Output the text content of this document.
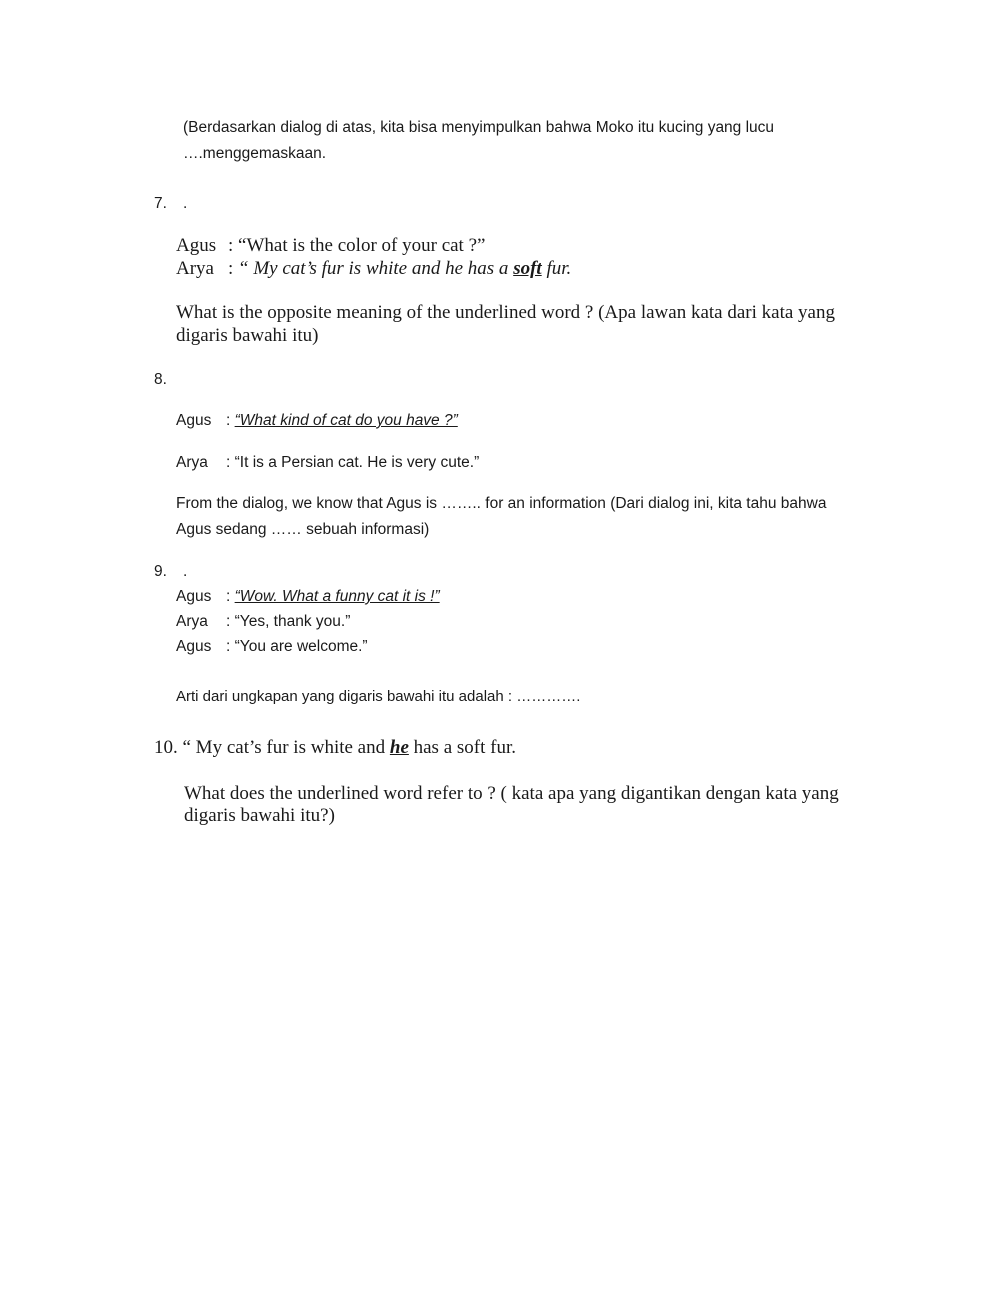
(Berdasarkan dialog di atas, kita bisa menyimpulkan bahwa Moko itu kucing yang lucu
….menggemaskaan.
7. .
Agus : “What is the color of your cat ?”
Arya : “ My cat’s fur is white and he has a soft fur.
What is the opposite meaning of the underlined word ? (Apa lawan kata dari kata yang
digaris bawahi itu)
8.
Agus : “What kind of cat do you have ?”
Arya : “It is a Persian cat. He is very cute.”
From the dialog, we know that Agus is …….. for an information (Dari dialog ini, kita tahu bahwa
Agus sedang …… sebuah informasi)
9. .
Agus : “Wow. What a funny cat it is !”
Arya : “Yes, thank you.”
Agus : “You are welcome.”
Arti dari ungkapan yang digaris bawahi itu adalah : ………….
10. “ My cat’s fur is white and he has a soft fur.
What does the underlined word refer to ? ( kata apa yang digantikan dengan kata yang
digaris bawahi itu?)
